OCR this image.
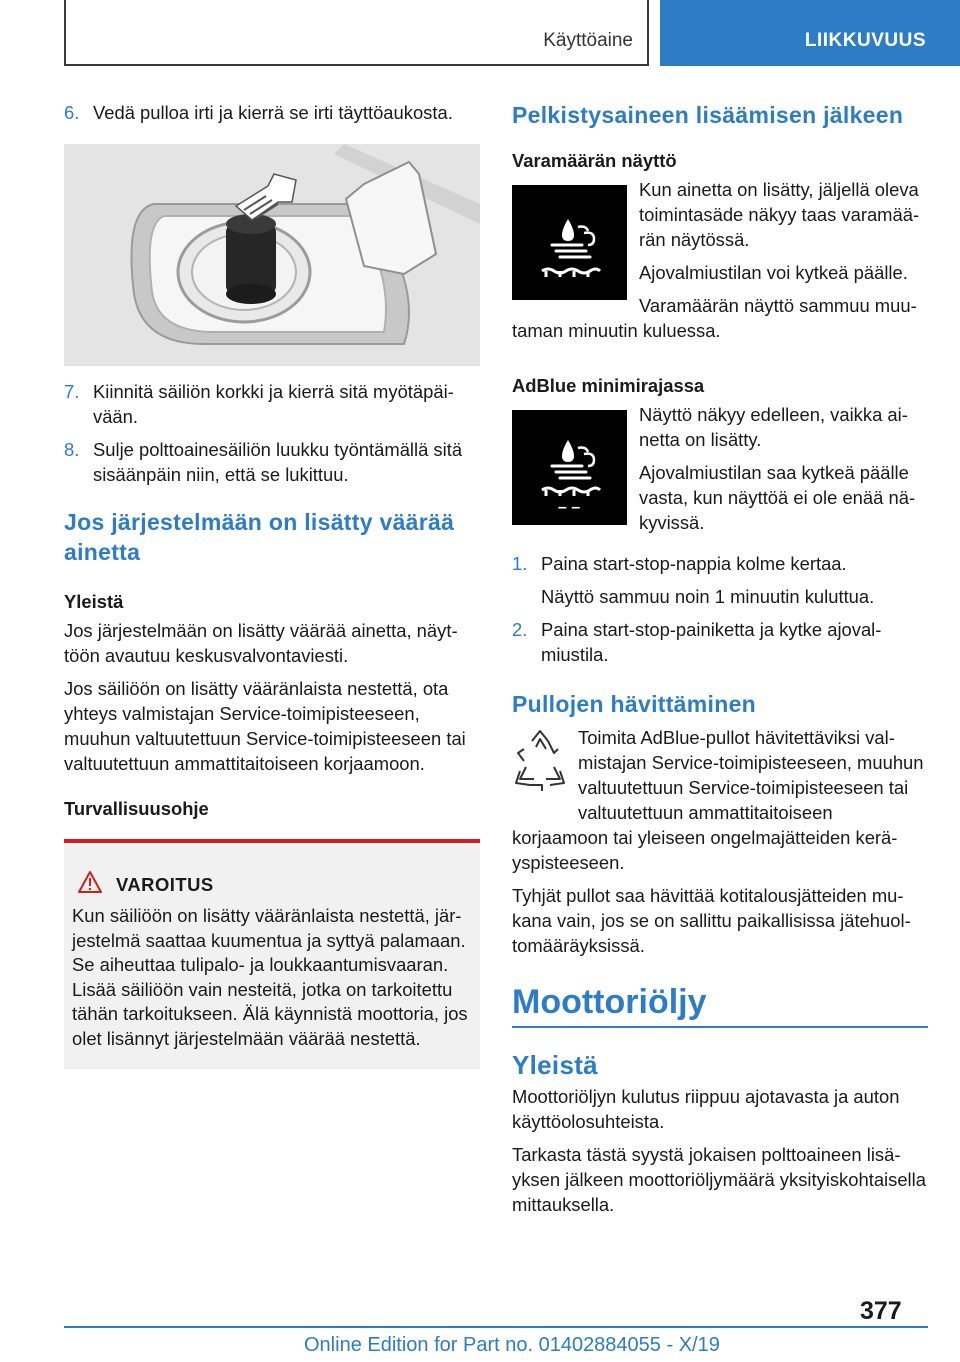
Käyttöaine	LIIKKUVUUS
6. Vedä pulloa irti ja kierrä se irti täyttöaukosta.
7. Kiinnitä säiliön korkki ja kierrä sitä myötäpäivään.
8. Sulje polttoainesäiliön luukku työntämällä sitä sisäänpäin niin, että se lukittuu.
Jos järjestelmään on lisätty väärää ainetta
Yleistä

Jos järjestelmään on lisätty väärää ainetta, näyttöön avautuu keskusvalvontaviesti.

Jos säiliöön on lisätty vääränlaista nestettä, ota yhteys valmistajan Service-toimipisteeseen, muuhun valtuutettuun Service-toimipisteeseen tai valtuutettuun ammattitaitoiseen korjaamoon.

Turvallisuusohje
VAROITUS

Kun säiliöön on lisätty vääränlaista nestettä, järjestelmä saattaa kuumentua ja syttyä palamaan. Se aiheuttaa tulipalo- ja loukkaantumisvaaran. Lisää säiliöön vain nesteitä, jotka on tarkoitettu tähän tarkoitukseen. Älä käynnistä moottoria, jos olet lisännyt järjestelmään väärää nestettä.

Pelkistysaineen lisäämisen jälkeen
Varamäärän näyttö

Kun ainetta on lisätty, jäljellä oleva toimintasäde näkyy taas varamäärän näytössä.

Ajovalmiustilan voi kytkeä päälle.

Varamäärän näyttö sammuu muutaman minuutin kuluessa.

AdBlue minimirajassa
– –

Näyttö näkyy edelleen, vaikka ainetta on lisätty.

Ajovalmiustilan saa kytkeä päälle vasta, kun näyttöä ei ole enää näkyvissä.

1. Paina start-stop-nappia kolme kertaa.

Näyttö sammuu noin 1 minuutin kuluttua.

2. Paina start-stop-painiketta ja kytke ajovalmiustila.
Pullojen hävittäminen

Toimita AdBlue-pullot hävitettäviksi valmistajan Service-toimipisteeseen, muuhun valtuutettuun Service-toimipisteeseen tai valtuutettuun ammattitaitoiseen korjaamoon tai yleiseen ongelmajätteiden keräyspisteeseen.

Tyhjät pullot saa hävittää kotitalousjätteiden mukana vain, jos se on sallittu paikallisissa jätehuoltomääräyksissä.

Moottoriöljy
Yleistä

Moottoriöljyn kulutus riippuu ajotavasta ja auton käyttöolosuhteista.

Tarkasta tästä syystä jokaisen polttoaineen lisäyksen jälkeen moottoriöljymäärä yksityiskohtaisella mittauksella.

377
Online Edition for Part no. 01402884055 - X/19
